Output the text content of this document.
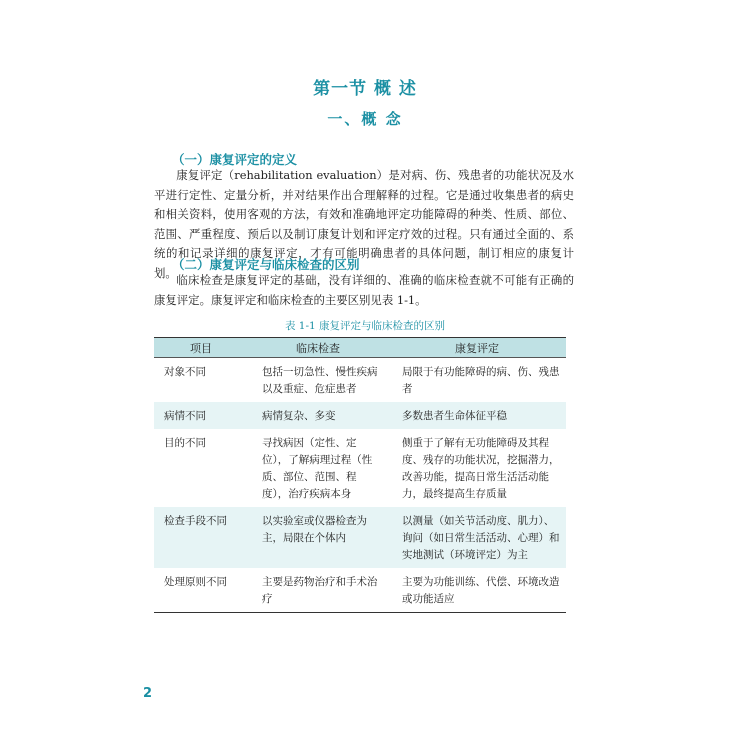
第一节 概 述
一、概 念
（一）康复评定的定义
康复评定（rehabilitation evaluation）是对病、伤、残患者的功能状况及水平进行定性、定量分析，并对结果作出合理解释的过程。它是通过收集患者的病史和相关资料，使用客观的方法，有效和准确地评定功能障碍的种类、性质、部位、范围、严重程度、预后以及制订康复计划和评定疗效的过程。只有通过全面的、系统的和记录详细的康复评定，才有可能明确患者的具体问题，制订相应的康复计划。
（二）康复评定与临床检查的区别
临床检查是康复评定的基础，没有详细的、准确的临床检查就不可能有正确的康复评定。康复评定和临床检查的主要区别见表 1-1。
表 1-1 康复评定与临床检查的区别
项目	临床检查	康复评定
对象不同	包括一切急性、慢性疾病以及重症、危症患者	局限于有功能障碍的病、伤、残患者
病情不同	病情复杂、多变	多数患者生命体征平稳
目的不同	寻找病因（定性、定位），了解病理过程（性质、部位、范围、程度），治疗疾病本身	侧重于了解有无功能障碍及其程度、残存的功能状况，挖掘潜力，改善功能，提高日常生活活动能力，最终提高生存质量
检查手段不同	以实验室或仪器检查为主，局限在个体内	以测量（如关节活动度、肌力）、询问（如日常生活活动、心理）和实地测试（环境评定）为主
处理原则不同	主要是药物治疗和手术治疗	主要为功能训练、代偿、环境改造或功能适应
2
